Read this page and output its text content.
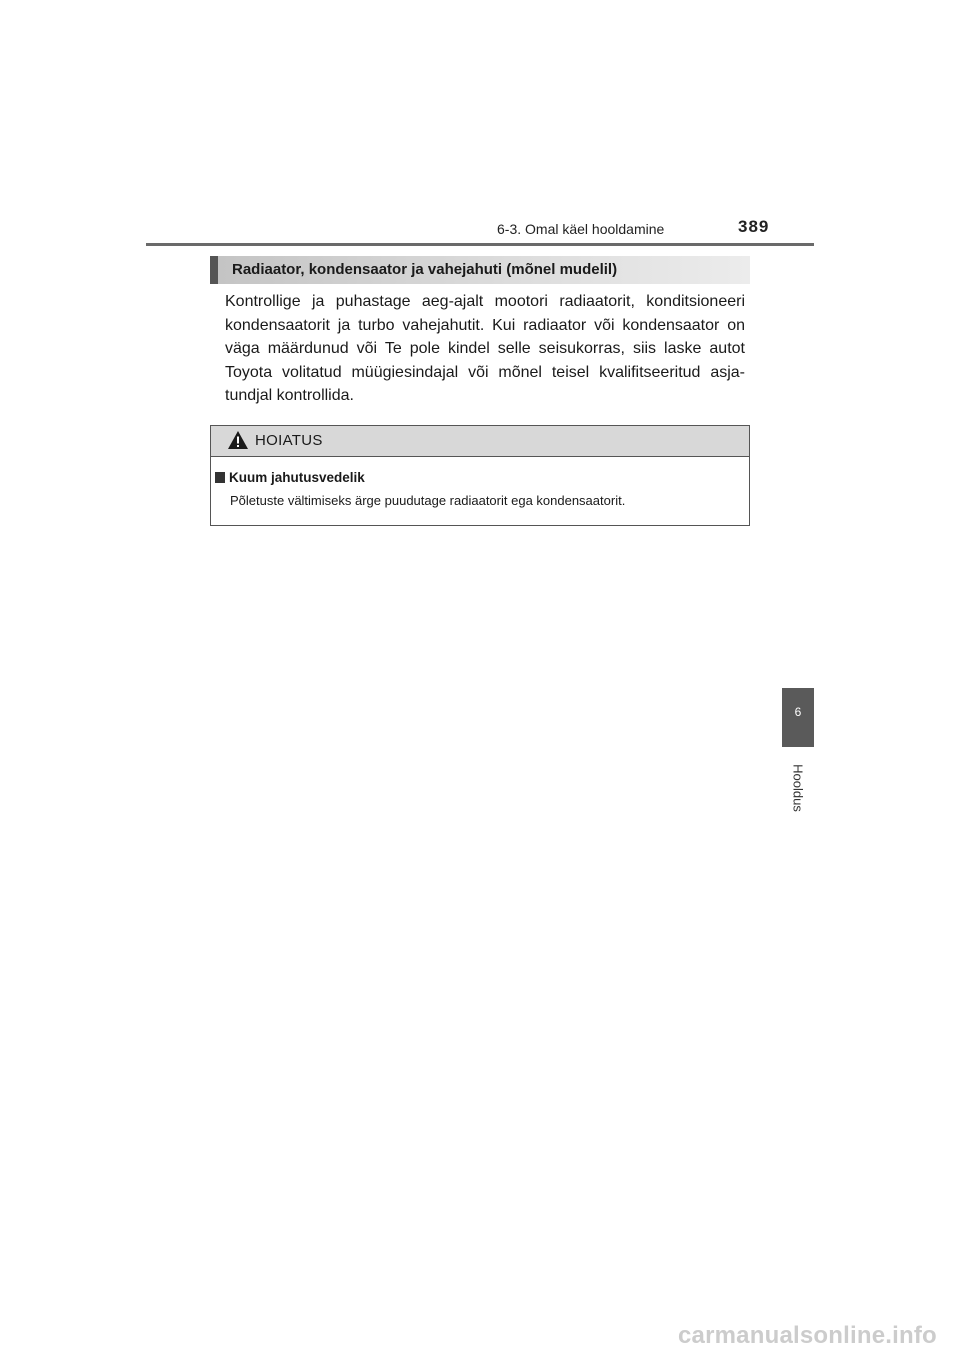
6-3. Omal käel hooldamine	389
Radiaator, kondensaator ja vahejahuti (mõnel mudelil)

Kontrollige ja puhastage aeg-ajalt mootori radiaatorit, konditsioneeri kondensaatorit ja turbo vahejahutit. Kui radiaator või kondensaator on väga määrdunud või Te pole kindel selle seisukorras, siis laske autot Toyota volitatud müügiesindajal või mõnel teisel kvalifitseeritud asja-tundjal kontrollida.

HOIATUS
Kuum jahutusvedelik
Põletuste vältimiseks ärge puudutage radiaatorit ega kondensaatorit.
6
Hooldus
carmanualsonline.info
